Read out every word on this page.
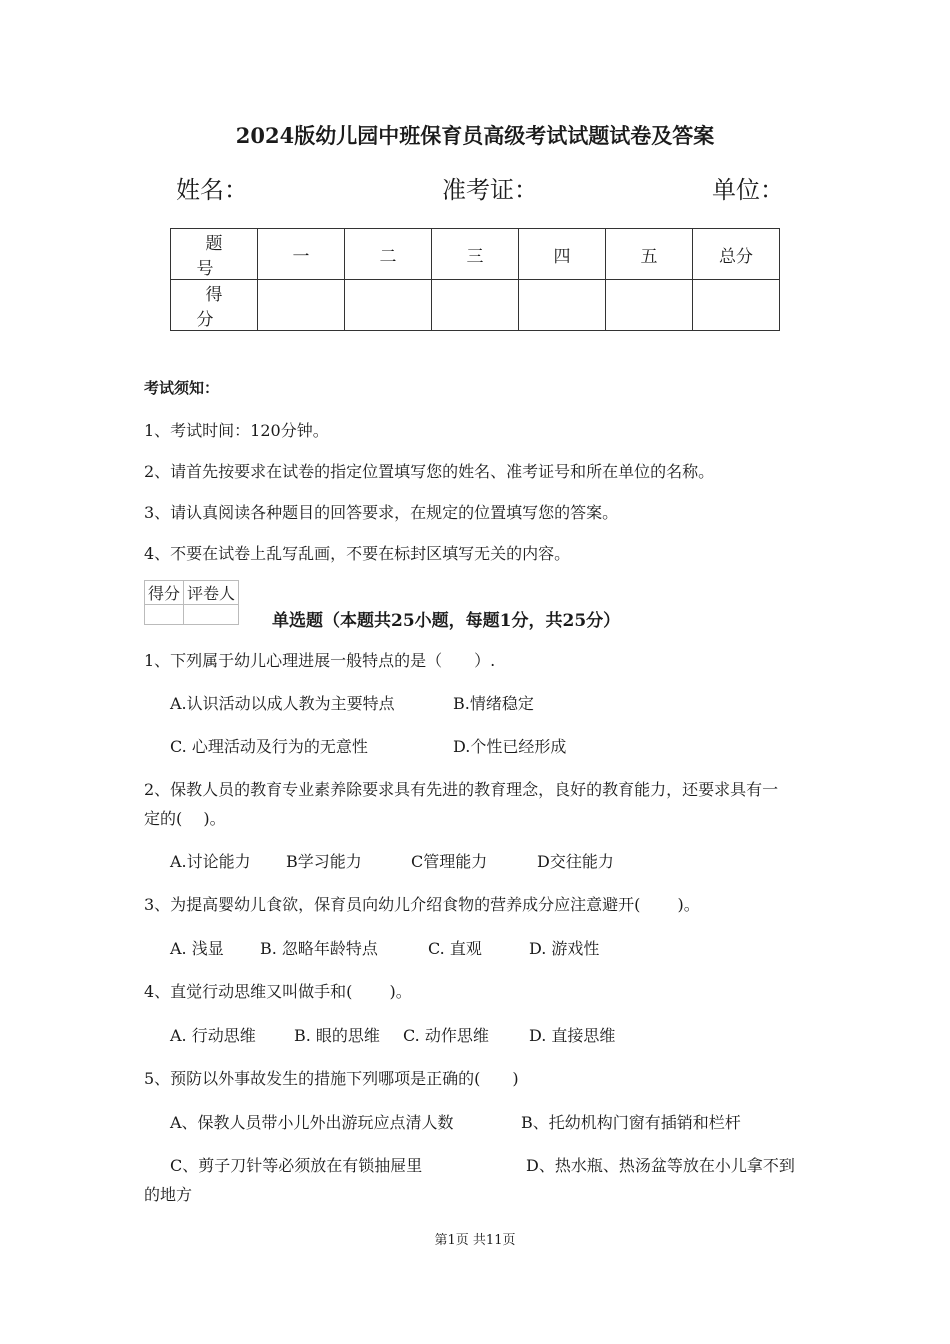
2024版幼儿园中班保育员高级考试试题试卷及答案
姓名：	准考证：	单位：
题 号	一	二	三	四	五	总分
得 分						
考试须知：
1、考试时间：120分钟。
2、请首先按要求在试卷的指定位置填写您的姓名、准考证号和所在单位的名称。
3、请认真阅读各种题目的回答要求，在规定的位置填写您的答案。
4、不要在试卷上乱写乱画，不要在标封区填写无关的内容。
得分	评卷人

单选题（本题共25小题，每题1分，共25分）
1、下列属于幼儿心理进展一般特点的是（　　）.
A.认识活动以成人教为主要特点	B.情绪稳定
C. 心理活动及行为的无意性	D.个性已经形成
2、保教人员的教育专业素养除要求具有先进的教育理念，良好的教育能力，还要求具有一
定的(　 )。
A.讨论能力 B学习能力	C管理能力	D交往能力
3、为提高婴幼儿食欲，保育员向幼儿介绍食物的营养成分应注意避开(　　 )。
A. 浅显 B. 忽略年龄特点	C. 直观	D. 游戏性
4、直觉行动思维又叫做手和(　　 )。
A. 行动思维 B. 眼的思维 C. 动作思维	D. 直接思维
5、预防以外事故发生的措施下列哪项是正确的(　　)
A、保教人员带小儿外出游玩应点清人数	B、托幼机构门窗有插销和栏杆
C、剪子刀针等必须放在有锁抽屉里	D、热水瓶、热汤盆等放在小儿拿不到
的地方
第1页 共11页
